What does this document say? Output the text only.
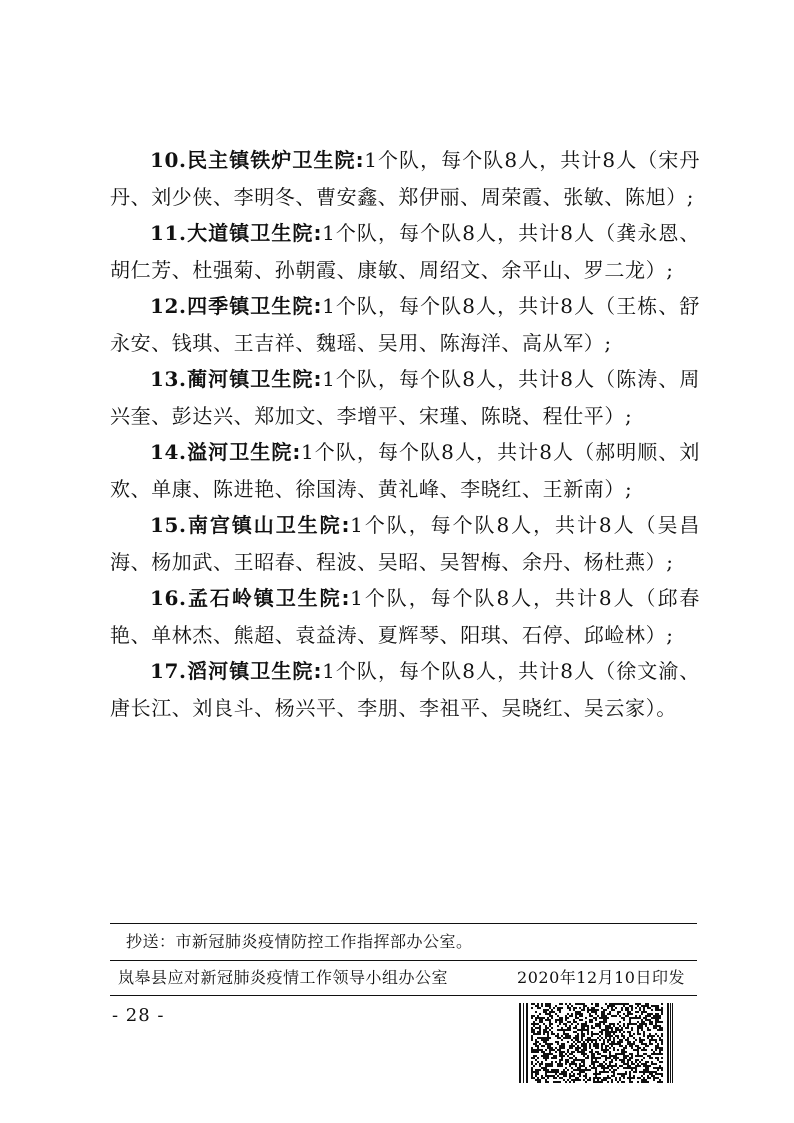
10.民主镇铁炉卫生院:1个队，每个队8人，共计8人（宋丹丹、刘少侠、李明冬、曹安鑫、郑伊丽、周荣霞、张敏、陈旭）;

11.大道镇卫生院:1个队，每个队8人，共计8人（龚永恩、胡仁芳、杜强菊、孙朝霞、康敏、周绍文、余平山、罗二龙）;

12.四季镇卫生院:1个队，每个队8人，共计8人（王栋、舒永安、钱琪、王吉祥、魏瑶、吴用、陈海洋、高从军）;

13.蔺河镇卫生院:1个队，每个队8人，共计8人（陈涛、周兴奎、彭达兴、郑加文、李增平、宋瑾、陈晓、程仕平）;

14.溢河卫生院:1个队，每个队8人，共计8人（郝明顺、刘欢、单康、陈进艳、徐国涛、黄礼峰、李晓红、王新南）;

15.南宫镇山卫生院:1个队，每个队8人，共计8人（吴昌海、杨加武、王昭春、程波、吴昭、吴智梅、余丹、杨杜燕）;

16.孟石岭镇卫生院:1个队，每个队8人，共计8人（邱春艳、单林杰、熊超、袁益涛、夏辉琴、阳琪、石停、邱崄林）;

17.滔河镇卫生院:1个队，每个队8人，共计8人（徐文渝、唐长江、刘良斗、杨兴平、李朋、李祖平、吴晓红、吴云家）。

抄送：市新冠肺炎疫情防控工作指挥部办公室。
岚皋县应对新冠肺炎疫情工作领导小组办公室	2020年12月10日印发
- 28 -
